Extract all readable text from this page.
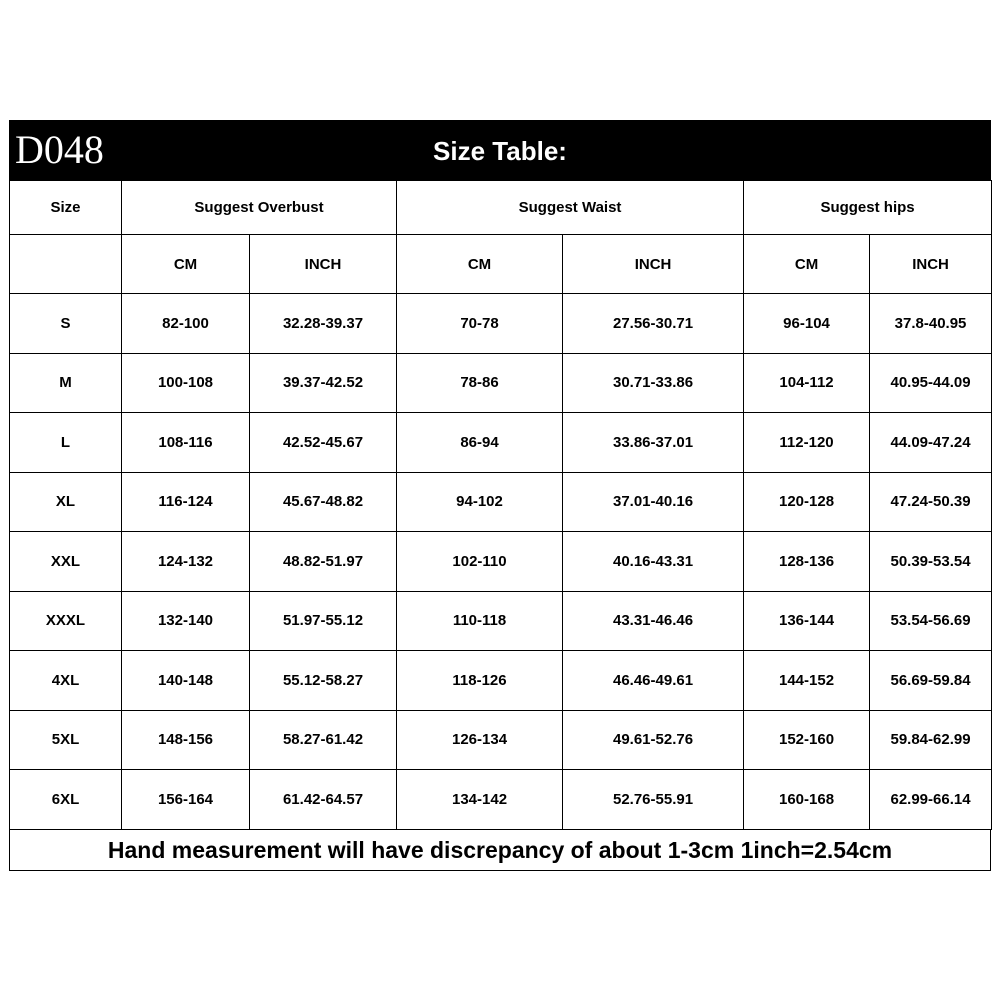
D048	Size Table:
Size	Suggest Overbust		Suggest Waist		Suggest hips	
	CM	INCH	CM	INCH	CM	INCH
S	82-100	32.28-39.37	70-78	27.56-30.71	96-104	37.8-40.95
M	100-108	39.37-42.52	78-86	30.71-33.86	104-112	40.95-44.09
L	108-116	42.52-45.67	86-94	33.86-37.01	112-120	44.09-47.24
XL	116-124	45.67-48.82	94-102	37.01-40.16	120-128	47.24-50.39
XXL	124-132	48.82-51.97	102-110	40.16-43.31	128-136	50.39-53.54
XXXL	132-140	51.97-55.12	110-118	43.31-46.46	136-144	53.54-56.69
4XL	140-148	55.12-58.27	118-126	46.46-49.61	144-152	56.69-59.84
5XL	148-156	58.27-61.42	126-134	49.61-52.76	152-160	59.84-62.99
6XL	156-164	61.42-64.57	134-142	52.76-55.91	160-168	62.99-66.14
Hand measurement will have discrepancy of about 1-3cm 1inch=2.54cm
